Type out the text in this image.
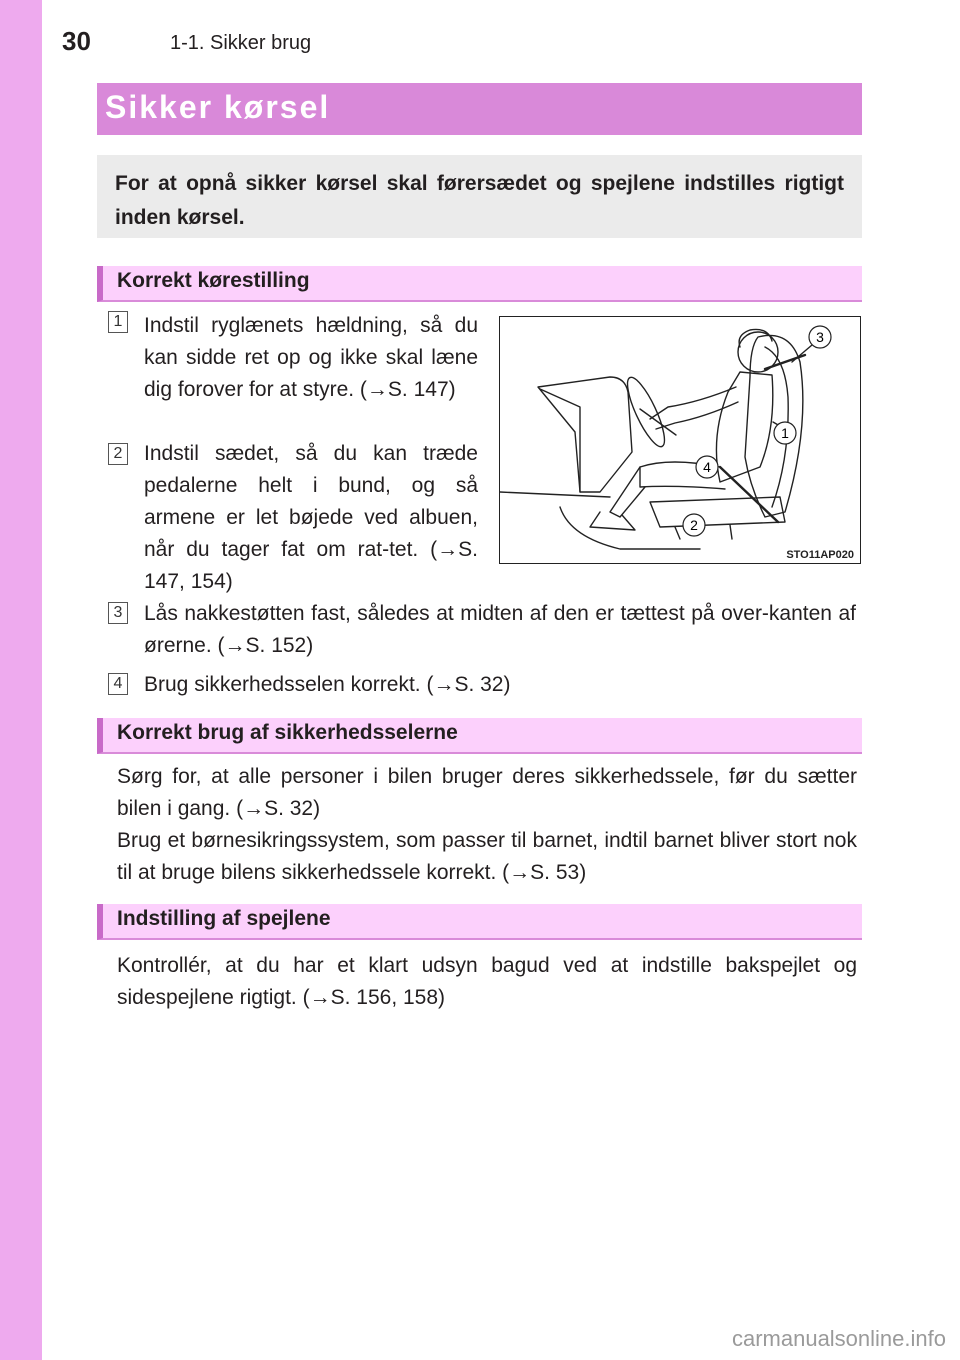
30	1-1. Sikker brug
Sikker kørsel
For at opnå sikker kørsel skal førersædet og spejlene indstilles rigtigt inden kørsel.
Korrekt kørestilling
1 Indstil ryglænets hældning, så du kan sidde ret op og ikke skal læne dig forover for at styre. (→S. 147)
2 Indstil sædet, så du kan træde pedalerne helt i bund, og så armene er let bøjede ved albuen, når du tager fat om rat-tet. (→S. 147, 154)
3 Lås nakkestøtten fast, således at midten af den er tættest på over-kanten af ørerne. (→S. 152)
4 Brug sikkerhedsselen korrekt. (→S. 32)
3
1
4
2
STO11AP020
Korrekt brug af sikkerhedsselerne
Sørg for, at alle personer i bilen bruger deres sikkerhedssele, før du sætter bilen i gang. (→S. 32)
Brug et børnesikringssystem, som passer til barnet, indtil barnet bliver stort nok til at bruge bilens sikkerhedssele korrekt. (→S. 53)
Indstilling af spejlene
Kontrollér, at du har et klart udsyn bagud ved at indstille bakspejlet og sidespejlene rigtigt. (→S. 156, 158)
carmanualsonline.info
